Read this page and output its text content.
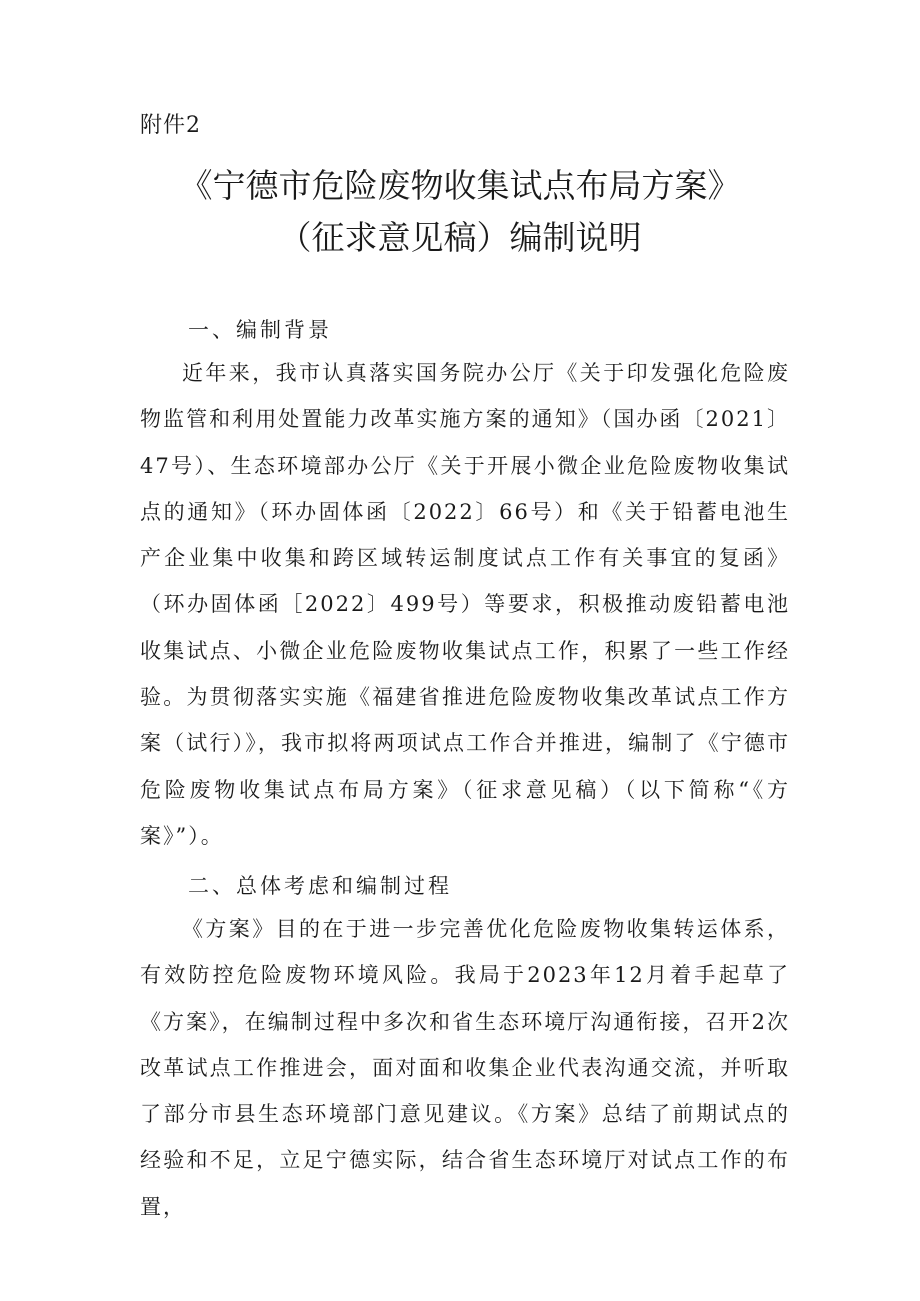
附件2
《宁德市危险废物收集试点布局方案》
（征求意见稿）编制说明
一、编制背景

近年来，我市认真落实国务院办公厅《关于印发强化危险废物监管和利用处置能力改革实施方案的通知》（国办函〔2021〕47号）、生态环境部办公厅《关于开展小微企业危险废物收集试点的通知》（环办固体函〔2022〕66号）和《关于铅蓄电池生产企业集中收集和跨区域转运制度试点工作有关事宜的复函》（环办固体函［2022〕499号）等要求，积极推动废铅蓄电池收集试点、小微企业危险废物收集试点工作，积累了一些工作经验。为贯彻落实实施《福建省推进危险废物收集改革试点工作方案（试行）》，我市拟将两项试点工作合并推进，编制了《宁德市危险废物收集试点布局方案》（征求意见稿）（以下简称“《方案》”）。

二、总体考虑和编制过程

《方案》目的在于进一步完善优化危险废物收集转运体系，有效防控危险废物环境风险。我局于2023年12月着手起草了《方案》，在编制过程中多次和省生态环境厅沟通衔接，召开2次改革试点工作推进会，面对面和收集企业代表沟通交流，并听取了部分市县生态环境部门意见建议。《方案》总结了前期试点的经验和不足，立足宁德实际，结合省生态环境厅对试点工作的布置，
